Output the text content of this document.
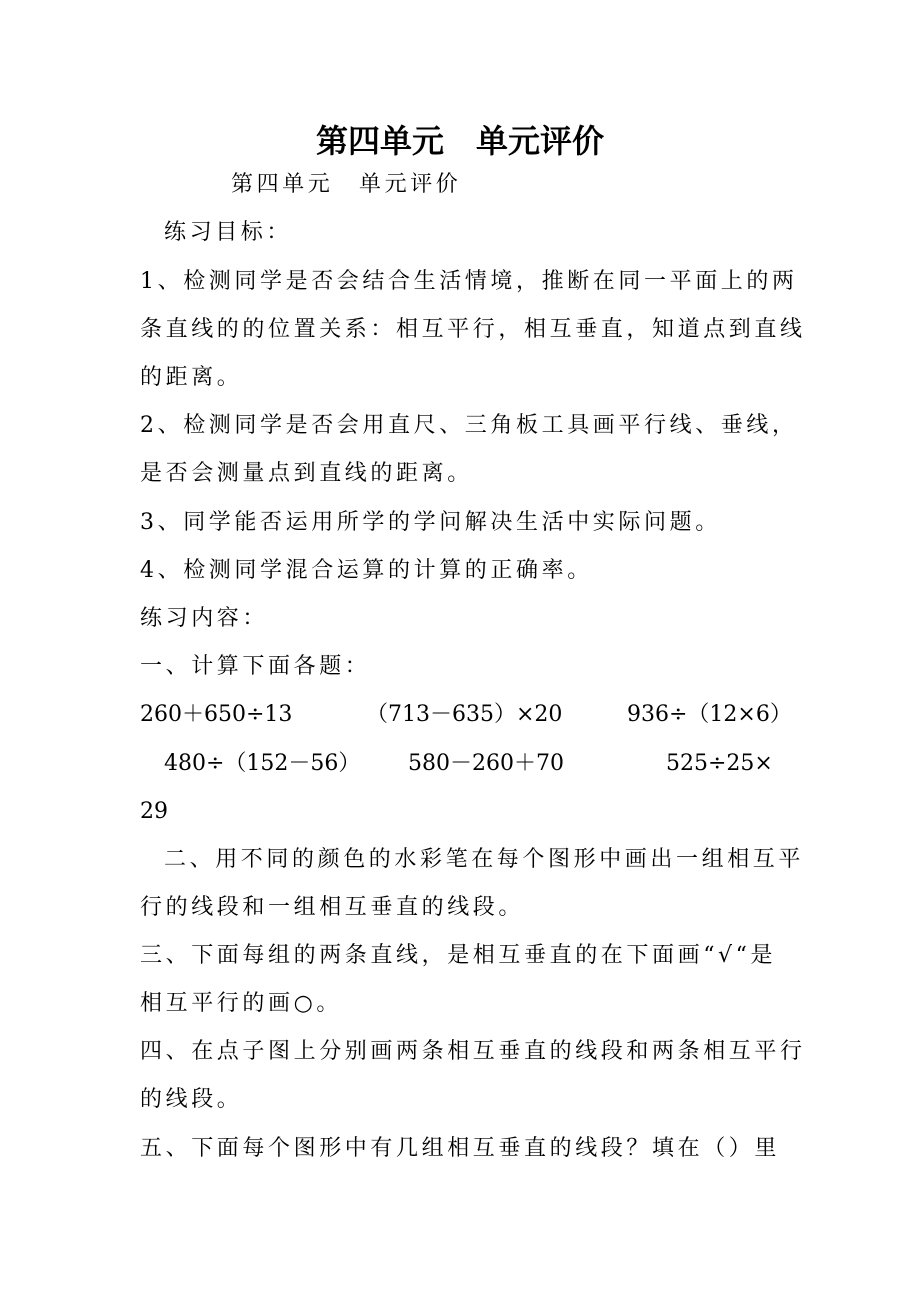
第四单元　单元评价
第四单元　单元评价
练习目标：
1、检测同学是否会结合生活情境，推断在同一平面上的两
条直线的的位置关系：相互平行，相互垂直，知道点到直线
的距离。
2、检测同学是否会用直尺、三角板工具画平行线、垂线，
是否会测量点到直线的距离。
3、同学能否运用所学的学问解决生活中实际问题。
4、检测同学混合运算的计算的正确率。
练习内容：
一、计算下面各题：
260＋650÷13	（713－635）×20	936÷（12×6）
480÷（152－56） 580－260＋70	525÷25×
29
二、用不同的颜色的水彩笔在每个图形中画出一组相互平
行的线段和一组相互垂直的线段。
三、下面每组的两条直线，是相互垂直的在下面画“√“是
相互平行的画○。
四、在点子图上分别画两条相互垂直的线段和两条相互平行
的线段。
五、下面每个图形中有几组相互垂直的线段？填在（）里
